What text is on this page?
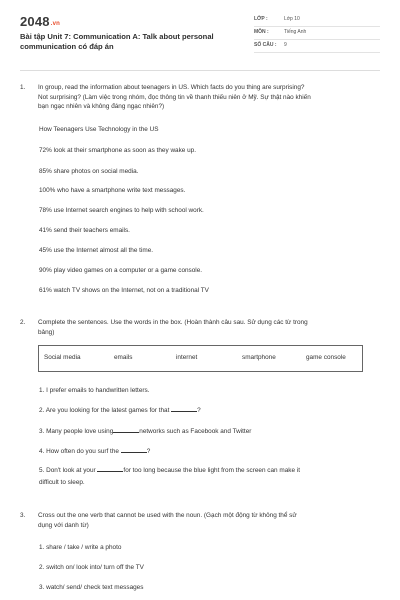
2048.vn
Bài tập Unit 7: Communication A: Talk about personal communication có đáp án
LỚP :	Lớp 10
MÔN :	Tiếng Anh
SỐ CÂU : 9
1. In group, read the information about teenagers in US. Which facts do you thing are surprising?
Not surprising? (Làm việc trong nhóm, đọc thông tin về thanh thiếu niên ở Mỹ. Sự thật nào khiến
bạn ngạc nhiên và không đáng ngạc nhiên?)
How Teenagers Use Technology in the US
72% look at their smartphone as soon as they wake up.
85% share photos on social media.
100% who have a smartphone write text messages.
78% use Internet search engines to help with school work.
41% send their teachers emails.
45% use the Internet almost all the time.
90% play video games on a computer or a game console.
61% watch TV shows on the Internet, not on a traditional TV
2. Complete the sentences. Use the words in the box. (Hoàn thành câu sau. Sử dụng các từ trong
bảng)
Social media	emails	internet	smartphone	game console
1. I prefer emails to handwritten letters.
2. Are you looking for the latest games for that	?
3. Many people love using	networks such as Facebook and Twitter
4. How often do you surf the	?
5. Don't look at your	for too long because the blue light from the screen can make it
difficult to sleep.
3. Cross out the one verb that cannot be used with the noun. (Gạch một động từ không thể sử
dụng với danh từ)
1. share / take / write a photo
2. switch on/ look into/ turn off the TV
3. watch/ send/ check text messages
